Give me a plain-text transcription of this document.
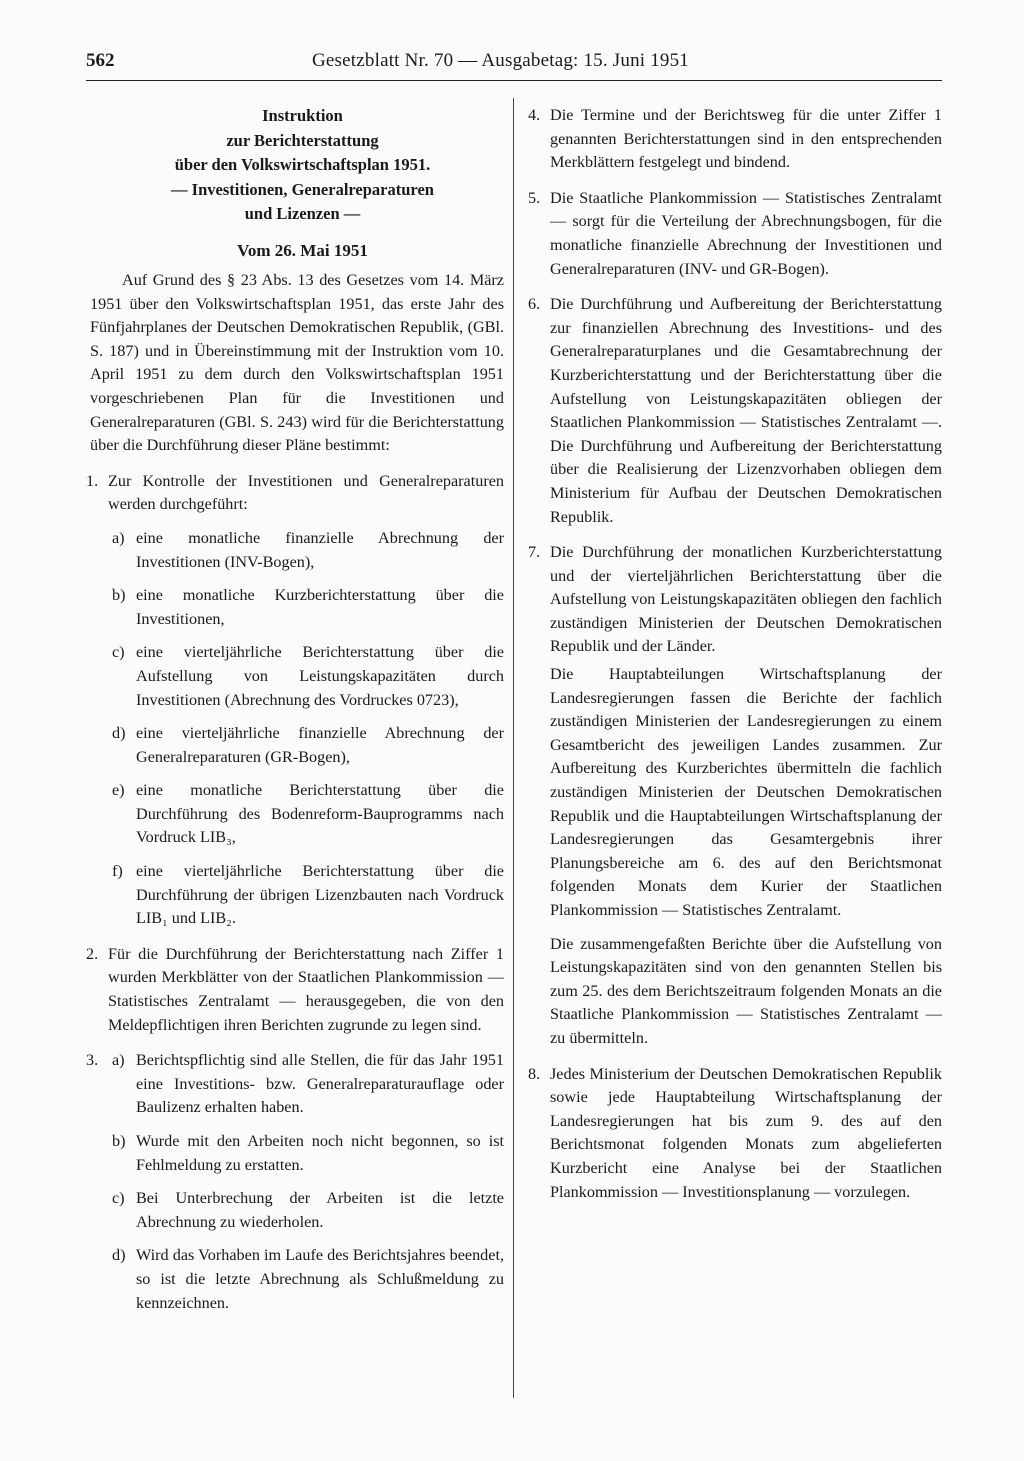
562	Gesetzblatt Nr. 70 — Ausgabetag: 15. Juni 1951
Instruktion
zur Berichterstattung
über den Volkswirtschaftsplan 1951.
— Investitionen, Generalreparaturen
und Lizenzen —
Vom 26. Mai 1951

Auf Grund des § 23 Abs. 13 des Gesetzes vom 14. März 1951 über den Volkswirtschaftsplan 1951, das erste Jahr des Fünfjahrplanes der Deutschen Demokratischen Republik, (GBl. S. 187) und in Übereinstimmung mit der Instruktion vom 10. April 1951 zu dem durch den Volkswirtschaftsplan 1951 vorgeschriebenen Plan für die Investitionen und Generalreparaturen (GBl. S. 243) wird für die Berichterstattung über die Durchführung dieser Pläne bestimmt:

1. Zur Kontrolle der Investitionen und Generalreparaturen werden durchgeführt:

a) eine monatliche finanzielle Abrechnung der Investitionen (INV-Bogen),

b) eine monatliche Kurzberichterstattung über die Investitionen,

c) eine vierteljährliche Berichterstattung über die Aufstellung von Leistungskapazitäten durch Investitionen (Abrechnung des Vordruckes 0723),

d) eine vierteljährliche finanzielle Abrechnung der Generalreparaturen (GR-Bogen),

e) eine monatliche Berichterstattung über die Durchführung des Bodenreform-Bauprogramms nach Vordruck LIB₃,

f) eine vierteljährliche Berichterstattung über die Durchführung der übrigen Lizenzbauten nach Vordruck LIB₁ und LIB₂.

2. Für die Durchführung der Berichterstattung nach Ziffer 1 wurden Merkblätter von der Staatlichen Plankommission — Statistisches Zentralamt — herausgegeben, die von den Meldepflichtigen ihren Berichten zugrunde zu legen sind.

3. a) Berichtspflichtig sind alle Stellen, die für das Jahr 1951 eine Investitions- bzw. Generalreparaturauflage oder Baulizenz erhalten haben.

b) Wurde mit den Arbeiten noch nicht begonnen, so ist Fehlmeldung zu erstatten.

c) Bei Unterbrechung der Arbeiten ist die letzte Abrechnung zu wiederholen.

d) Wird das Vorhaben im Laufe des Berichtsjahres beendet, so ist die letzte Abrechnung als Schlußmeldung zu kennzeichnen.

4. Die Termine und der Berichtsweg für die unter Ziffer 1 genannten Berichterstattungen sind in den entsprechenden Merkblättern festgelegt und bindend.

5. Die Staatliche Plankommission — Statistisches Zentralamt — sorgt für die Verteilung der Abrechnungsbogen, für die monatliche finanzielle Abrechnung der Investitionen und Generalreparaturen (INV- und GR-Bogen).

6. Die Durchführung und Aufbereitung der Berichterstattung zur finanziellen Abrechnung des Investitions- und des Generalreparaturplanes und die Gesamtabrechnung der Kurzberichterstattung und der Berichterstattung über die Aufstellung von Leistungskapazitäten obliegen der Staatlichen Plankommission — Statistisches Zentralamt —. Die Durchführung und Aufbereitung der Berichterstattung über die Realisierung der Lizenzvorhaben obliegen dem Ministerium für Aufbau der Deutschen Demokratischen Republik.

7. Die Durchführung der monatlichen Kurzberichterstattung und der vierteljährlichen Berichterstattung über die Aufstellung von Leistungskapazitäten obliegen den fachlich zuständigen Ministerien der Deutschen Demokratischen Republik und der Länder.

Die Hauptabteilungen Wirtschaftsplanung der Landesregierungen fassen die Berichte der fachlich zuständigen Ministerien der Landesregierungen zu einem Gesamtbericht des jeweiligen Landes zusammen. Zur Aufbereitung des Kurzberichtes übermitteln die fachlich zuständigen Ministerien der Deutschen Demokratischen Republik und die Hauptabteilungen Wirtschaftsplanung der Landesregierungen das Gesamtergebnis ihrer Planungsbereiche am 6. des auf den Berichtsmonat folgenden Monats dem Kurier der Staatlichen Plankommission — Statistisches Zentralamt.

Die zusammengefaßten Berichte über die Aufstellung von Leistungskapazitäten sind von den genannten Stellen bis zum 25. des dem Berichtszeitraum folgenden Monats an die Staatliche Plankommission — Statistisches Zentralamt — zu übermitteln.

8. Jedes Ministerium der Deutschen Demokratischen Republik sowie jede Hauptabteilung Wirtschaftsplanung der Landesregierungen hat bis zum 9. des auf den Berichtsmonat folgenden Monats zum abgelieferten Kurzbericht eine Analyse bei der Staatlichen Plankommission — Investitionsplanung — vorzulegen.
